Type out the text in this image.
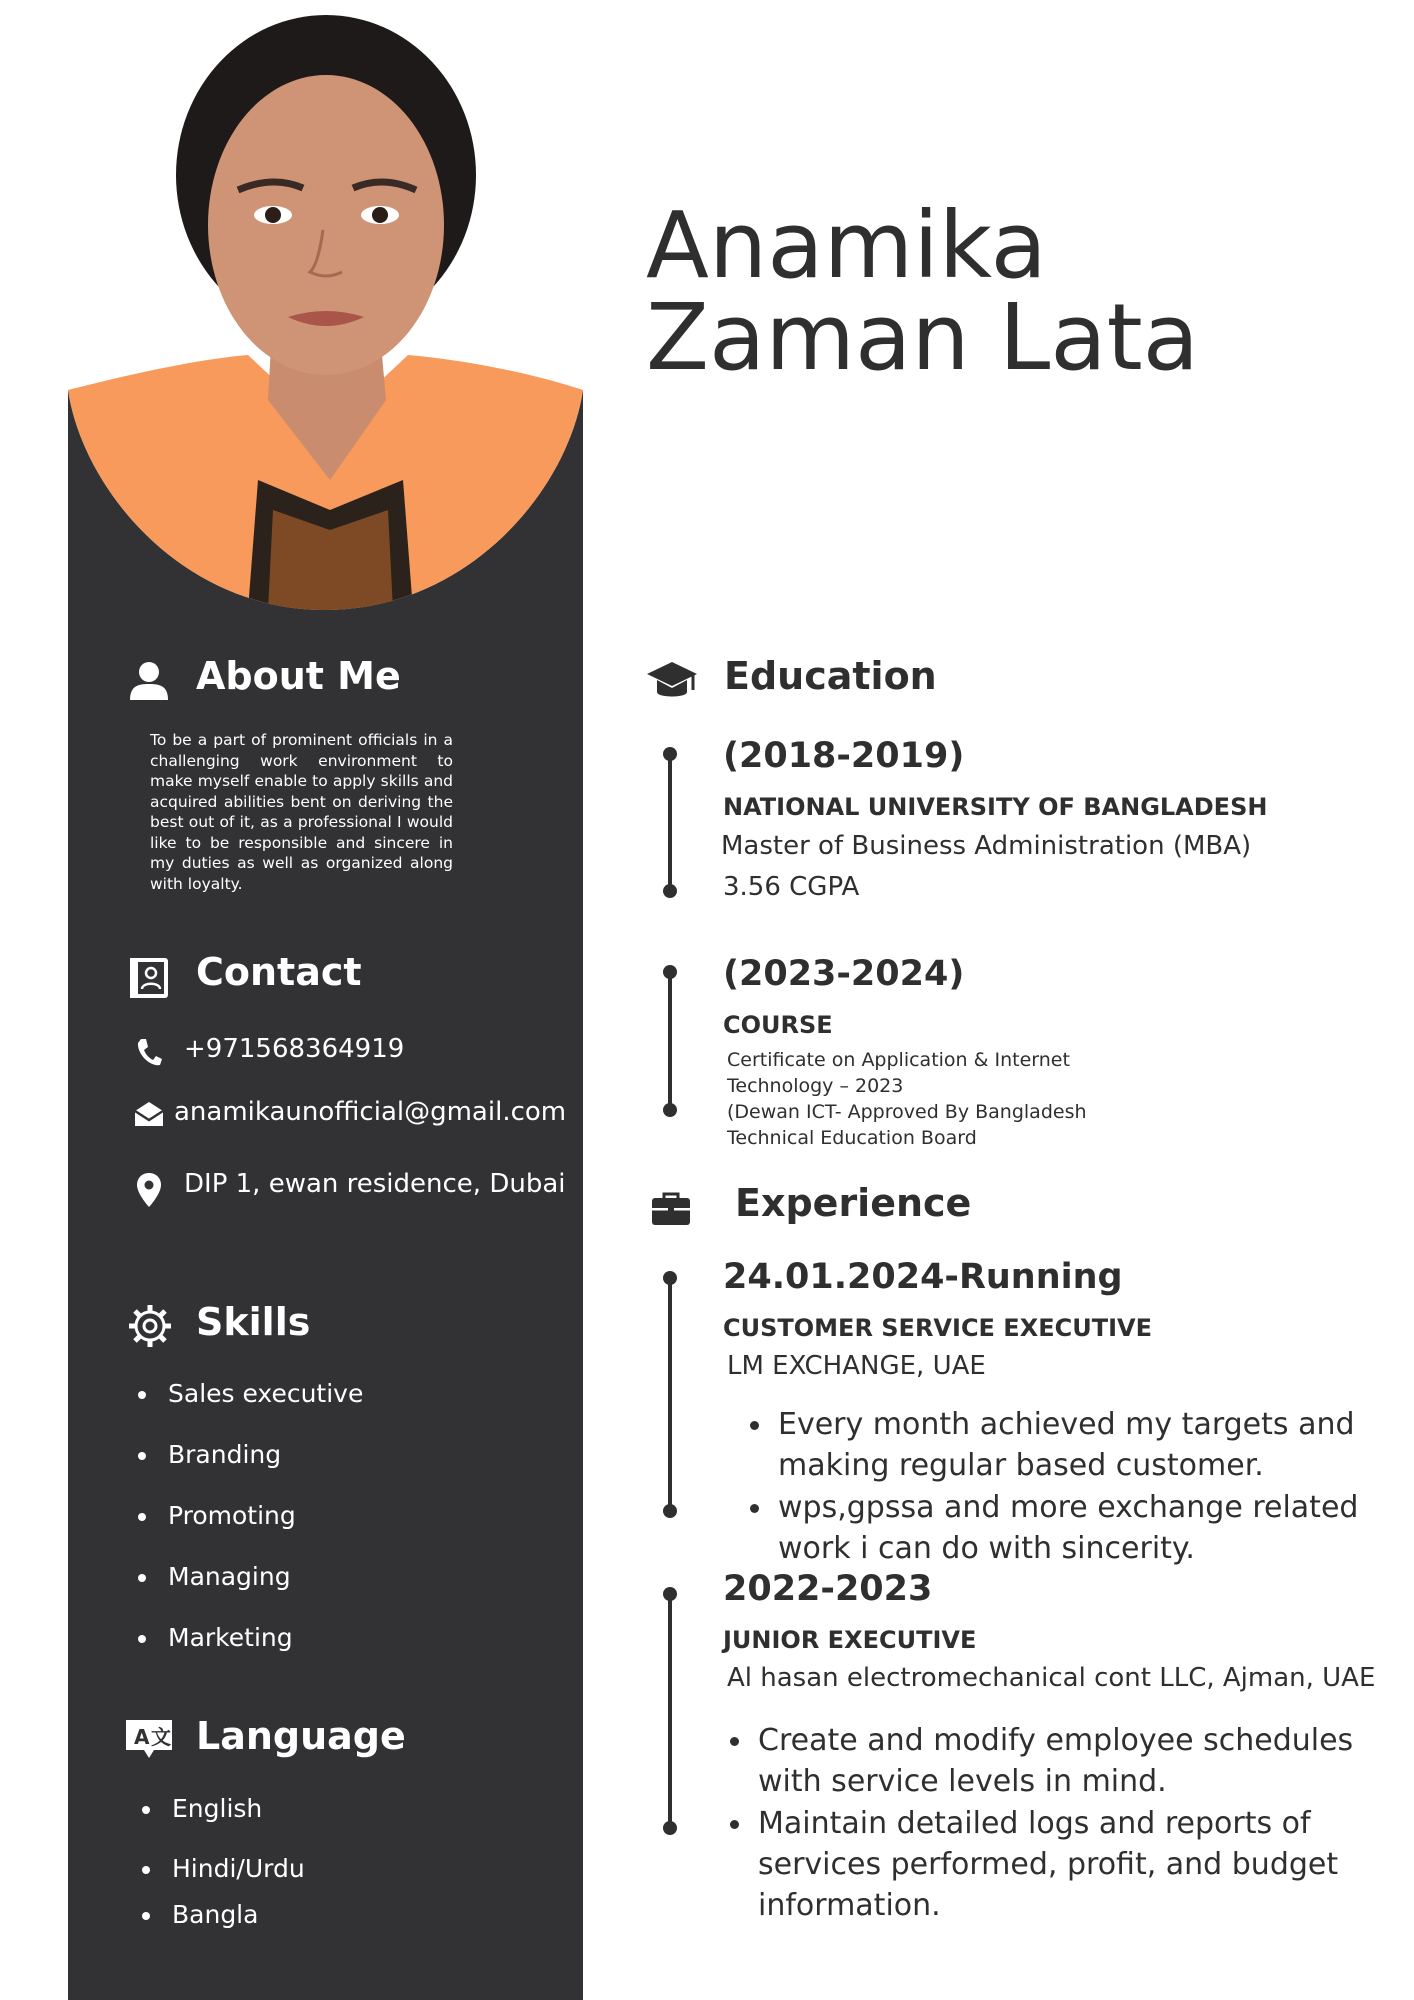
About Me
To be a part of prominent officials in a challenging work environment to make myself enable to apply skills and acquired abilities bent on deriving the best out of it, as a professional I would like to be responsible and sincere in my duties as well as organized along with loyalty.
Contact
+971568364919
anamikaunofficial@gmail.com
DIP 1, ewan residence, Dubai
Skills
Sales executive
Branding
Promoting
Managing
Marketing
A 文 Language
English
Hindi/Urdu
Bangla
Anamika
Zaman Lata
Education
(2018-2019)
NATIONAL UNIVERSITY OF BANGLADESH
Master of Business Administration (MBA)
3.56 CGPA
(2023-2024)
COURSE
Certificate on Application & Internet
Technology – 2023
(Dewan ICT- Approved By Bangladesh
Technical Education Board
Experience
24.01.2024-Running
CUSTOMER SERVICE EXECUTIVE
LM EXCHANGE, UAE
Every month achieved my targets and making regular based customer.
wps,gpssa and more exchange related work i can do with sincerity.
2022-2023
JUNIOR EXECUTIVE
Al hasan electromechanical cont LLC, Ajman, UAE
Create and modify employee schedules with service levels in mind.
Maintain detailed logs and reports of services performed, profit, and budget information.
